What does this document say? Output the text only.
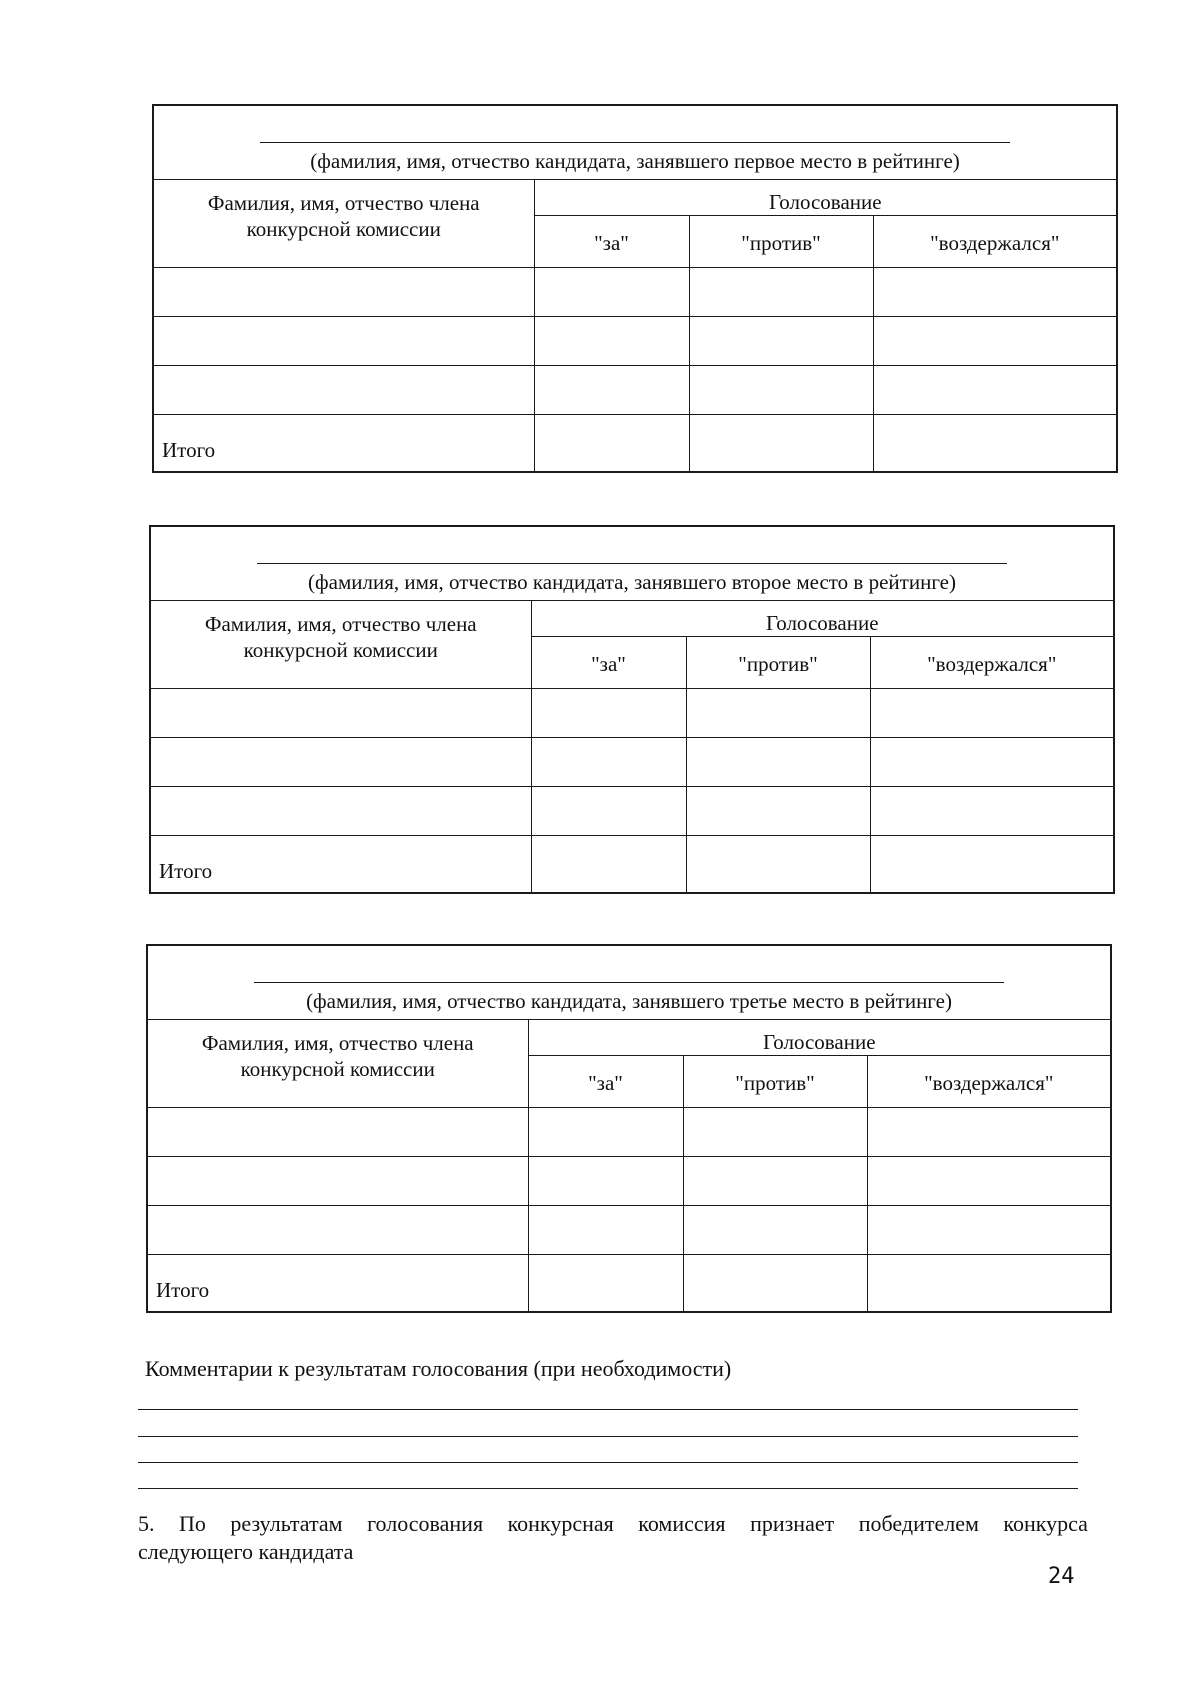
(фамилия, имя, отчество кандидата, занявшего первое место в рейтинге)			

Фамилия, имя, отчество члена конкурсной комиссии	Голосование		
	"за"	"против"	"воздержался"

Итого			
(фамилия, имя, отчество кандидата, занявшего второе место в рейтинге)			

Фамилия, имя, отчество члена конкурсной комиссии	Голосование		
	"за"	"против"	"воздержался"

Итого			
(фамилия, имя, отчество кандидата, занявшего третье место в рейтинге)			

Фамилия, имя, отчество члена конкурсной комиссии	Голосование		
	"за"	"против"	"воздержался"

Итого			
Комментарии к результатам голосования (при необходимости)
5. По результатам голосования конкурсная комиссия признает победителем конкурса
следующего кандидата
24
